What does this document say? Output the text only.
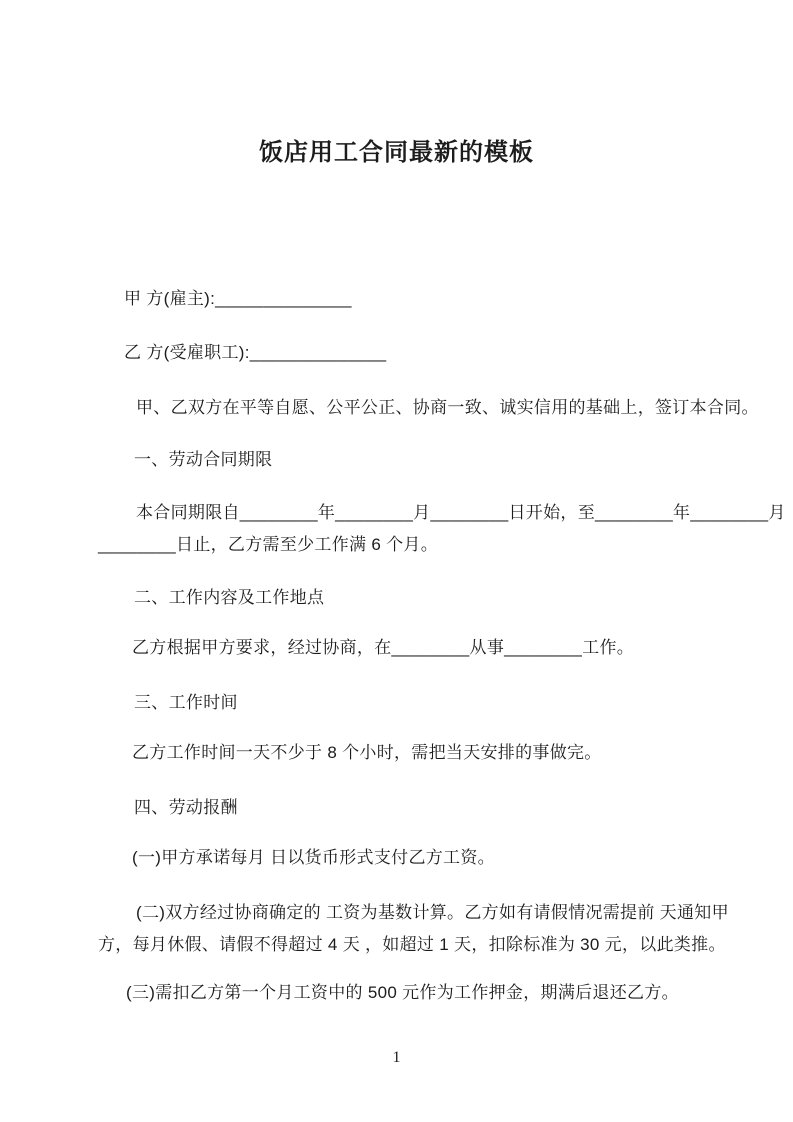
饭店用工合同最新的模板

甲 方(雇主):______________

乙 方(受雇职工):______________

甲、乙双方在平等自愿、公平公正、协商一致、诚实信用的基础上，签订本合同。

一、劳动合同期限

本合同期限自________年________月________日开始，至________年________月

________日止，乙方需至少工作满 6 个月。

二、工作内容及工作地点

乙方根据甲方要求，经过协商，在________从事________工作。

三、工作时间

乙方工作时间一天不少于 8 个小时，需把当天安排的事做完。

四、劳动报酬

(一)甲方承诺每月 日以货币形式支付乙方工资。

(二)双方经过协商确定的 工资为基数计算。乙方如有请假情况需提前 天通知甲

方，每月休假、请假不得超过 4 天 ，如超过 1 天，扣除标准为 30 元，以此类推。

(三)需扣乙方第一个月工资中的 500 元作为工作押金，期满后退还乙方。

1
